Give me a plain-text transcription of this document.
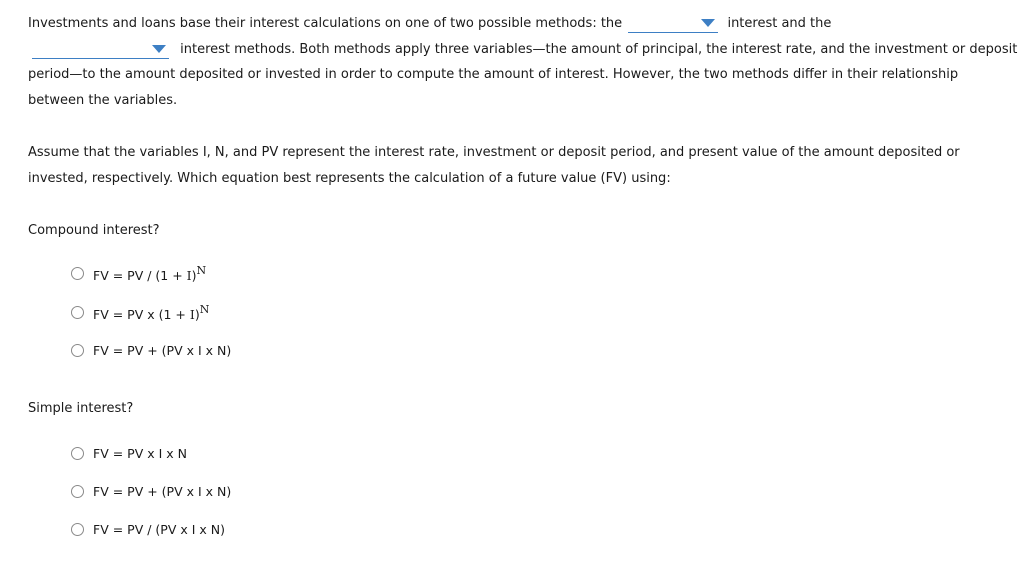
Investments and loans base their interest calculations on one of two possible methods: the	interest and the
interest methods. Both methods apply three variables—the amount of principal, the interest rate, and the investment or deposit
period—to the amount deposited or invested in order to compute the amount of interest. However, the two methods differ in their relationship
between the variables.
Assume that the variables I, N, and PV represent the interest rate, investment or deposit period, and present value of the amount deposited or
invested, respectively. Which equation best represents the calculation of a future value (FV) using:
Compound interest?
FV = PV / $(1 + I)^N$
FV = PV x $(1 + I)^N$
FV = PV + (PV x I x N)
Simple interest?
FV = PV x I x N
FV = PV + (PV x I x N)
FV = PV / (PV x I x N)
